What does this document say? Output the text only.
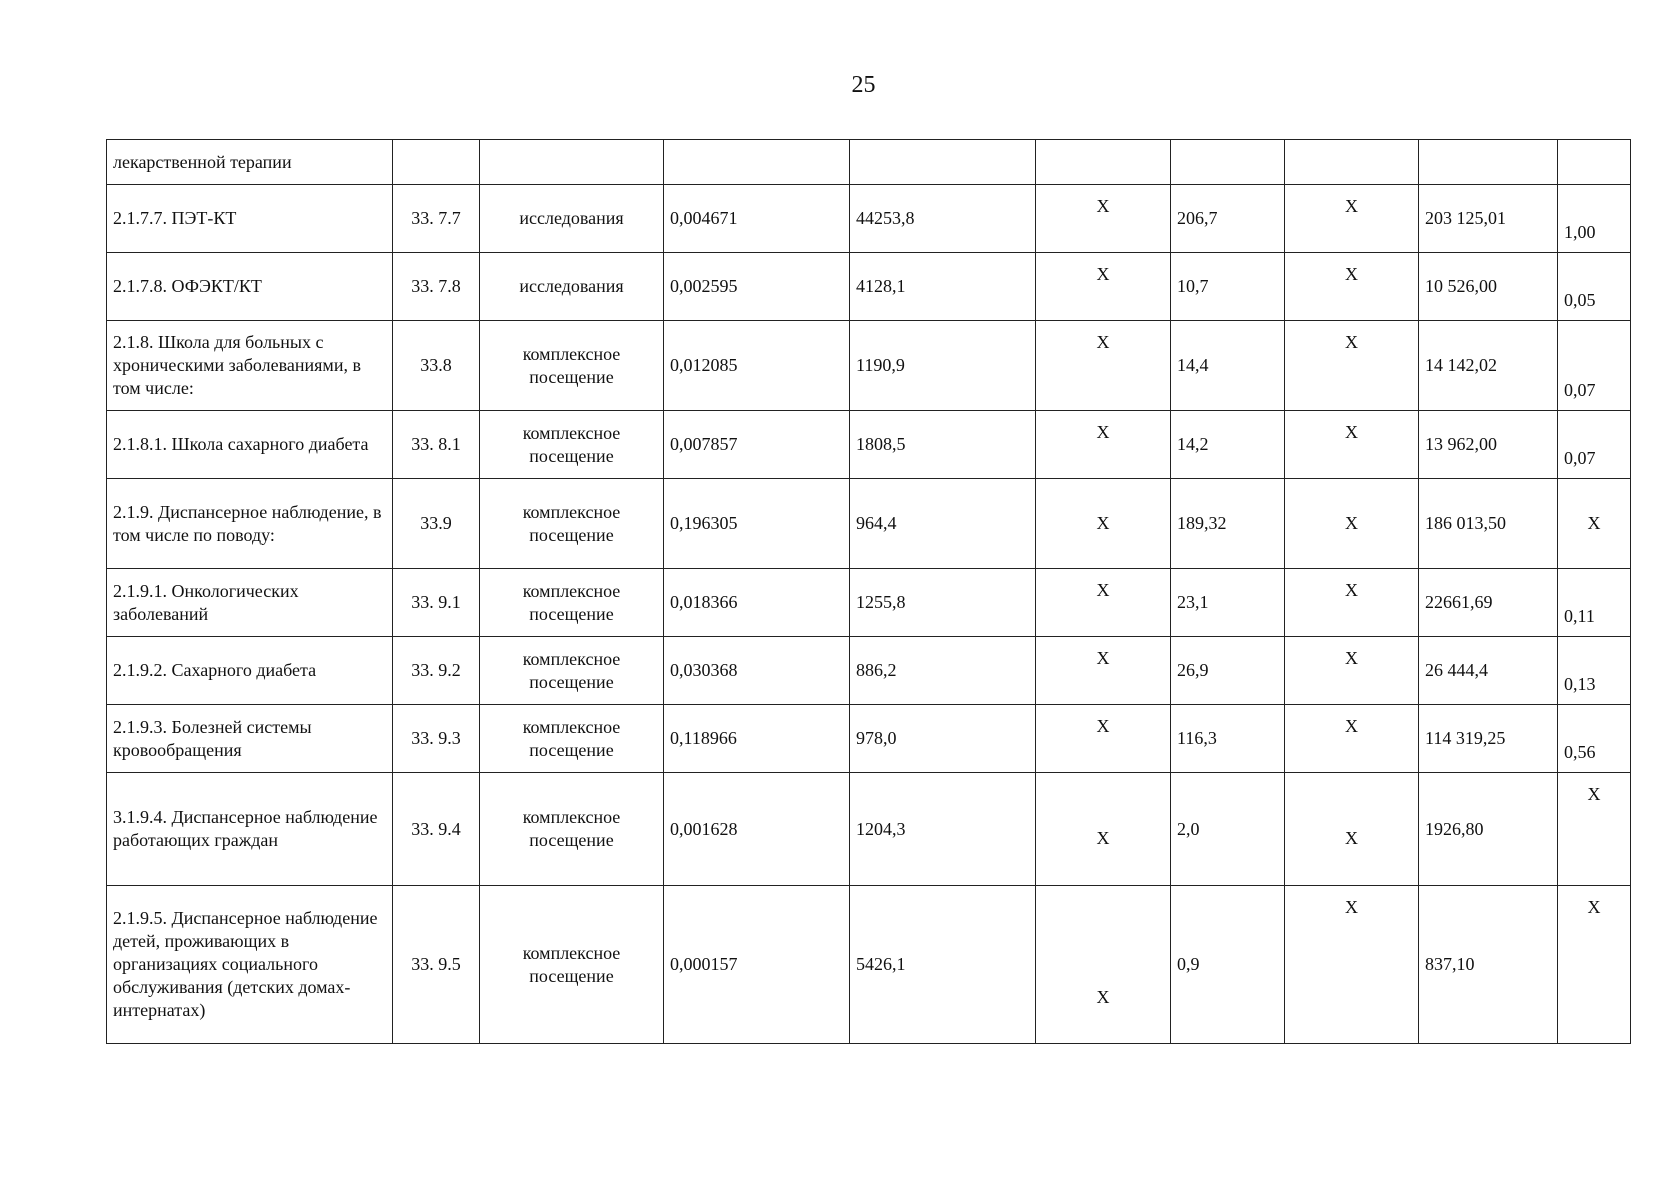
25
лекарственной терапии									
2.1.7.7. ПЭТ-КТ	33. 7.7	исследования	0,004671	44253,8	X	206,7	X	203 125,01	1,00

2.1.7.8. ОФЭКТ/КТ	33. 7.8	исследования	0,002595	4128,1	X	10,7	X	10 526,00	0,05

2.1.8. Школа для больных с хроническими заболеваниями, в том числе:	33.8	комплексное посещение	0,012085	1190,9	X	14,4	X	14 142,02	0,07

2.1.8.1. Школа сахарного диабета	33. 8.1	комплексное посещение	0,007857	1808,5	X	14,2	X	13 962,00	0,07

2.1.9. Диспансерное наблюдение, в том числе по поводу:	33.9	комплексное посещение	0,196305	964,4	X	189,32	X	186 013,50	X
2.1.9.1. Онкологических заболеваний	33. 9.1	комплексное посещение	0,018366	1255,8	X	23,1	X	22661,69	0,11

2.1.9.2. Сахарного диабета	33. 9.2	комплексное посещение	0,030368	886,2	X	26,9	X	26 444,4	0,13

2.1.9.3. Болезней системы кровообращения	33. 9.3	комплексное посещение	0,118966	978,0	X	116,3	X	114 319,25	0,56

3.1.9.4. Диспансерное наблюдение работающих граждан	33. 9.4	комплексное посещение	0,001628	1204,3	X	2,0	X	1926,80	X

2.1.9.5. Диспансерное наблюдение детей, проживающих в организациях социального обслуживания (детских домах- интернатах)	33. 9.5	комплексное посещение	0,000157	5426,1	X	0,9	X	837,10	X
